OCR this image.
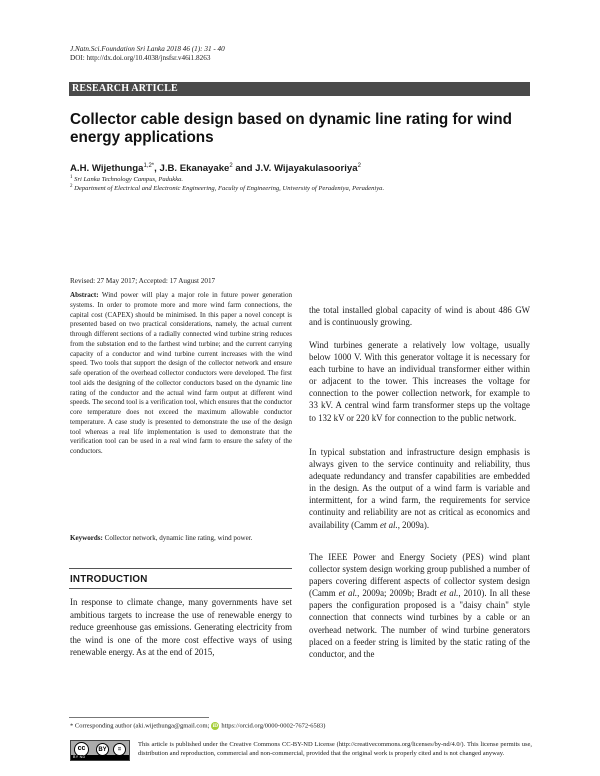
J.Natn.Sci.Foundation Sri Lanka 2018 46 (1): 31 - 40
DOI: http://dx.doi.org/10.4038/jnsfsr.v46i1.8263
RESEARCH ARTICLE
Collector cable design based on dynamic line rating for wind energy applications
A.H. Wijethunga$^{1,2*}$, J.B. Ekanayake$^2$ and J.V. Wijayakulasooriya$^2$
$^1$ Sri Lanka Technology Campus, Padukka.
$^2$ Department of Electrical and Electronic Engineering, Faculty of Engineering, University of Peradeniya, Peradeniya.
Revised: 27 May 2017; Accepted: 17 August 2017
Abstract: Wind power will play a major role in future power generation systems. In order to promote more and more wind farm connections, the capital cost (CAPEX) should be minimised. In this paper a novel concept is presented based on two practical considerations, namely, the actual current through different sections of a radially connected wind turbine string reduces from the substation end to the farthest wind turbine; and the current carrying capacity of a conductor and wind turbine current increases with the wind speed. Two tools that support the design of the collector network and ensure safe operation of the overhead collector conductors were developed. The first tool aids the designing of the collector conductors based on the dynamic line rating of the conductor and the actual wind farm output at different wind speeds. The second tool is a verification tool, which ensures that the conductor core temperature does not exceed the maximum allowable conductor temperature. A case study is presented to demonstrate the use of the design tool whereas a real life implementation is used to demonstrate that the verification tool can be used in a real wind farm to ensure the safety of the conductors.
Keywords: Collector network, dynamic line rating, wind power.
INTRODUCTION
In response to climate change, many governments have set ambitious targets to increase the use of renewable energy to reduce greenhouse gas emissions. Generating electricity from the wind is one of the more cost effective ways of using renewable energy. As at the end of 2015,

the total installed global capacity of wind is about 486 GW and is continuously growing.

Wind turbines generate a relatively low voltage, usually below 1000 V. With this generator voltage it is necessary for each turbine to have an individual transformer either within or adjacent to the tower. This increases the voltage for connection to the power collection network, for example to 33 kV. A central wind farm transformer steps up the voltage to 132 kV or 220 kV for connection to the public network.

In typical substation and infrastructure design emphasis is always given to the service continuity and reliability, thus adequate redundancy and transfer capabilities are embedded in the design. As the output of a wind farm is variable and intermittent, for a wind farm, the requirements for service continuity and reliability are not as critical as economics and availability (Camm et al., 2009a).

The IEEE Power and Energy Society (PES) wind plant collector system design working group published a number of papers covering different aspects of collector system design (Camm et al., 2009a; 2009b; Bradt et al., 2010). In all these papers the configuration proposed is a "daisy chain" style connection that connects wind turbines by a cable or an overhead network. The number of wind turbine generators placed on a feeder string is limited by the static rating of the conductor, and the

* Corresponding author (aki.wijethunga@gmail.com; iD https://orcid.org/0000-0002-7672-6583)
cc	BY	=
BY ND
This article is published under the Creative Commons CC-BY-ND License (http://creativecommons.org/licenses/by-nd/4.0/). This license permits use, distribution and reproduction, commercial and non-commercial, provided that the original work is properly cited and is not changed anyway.
